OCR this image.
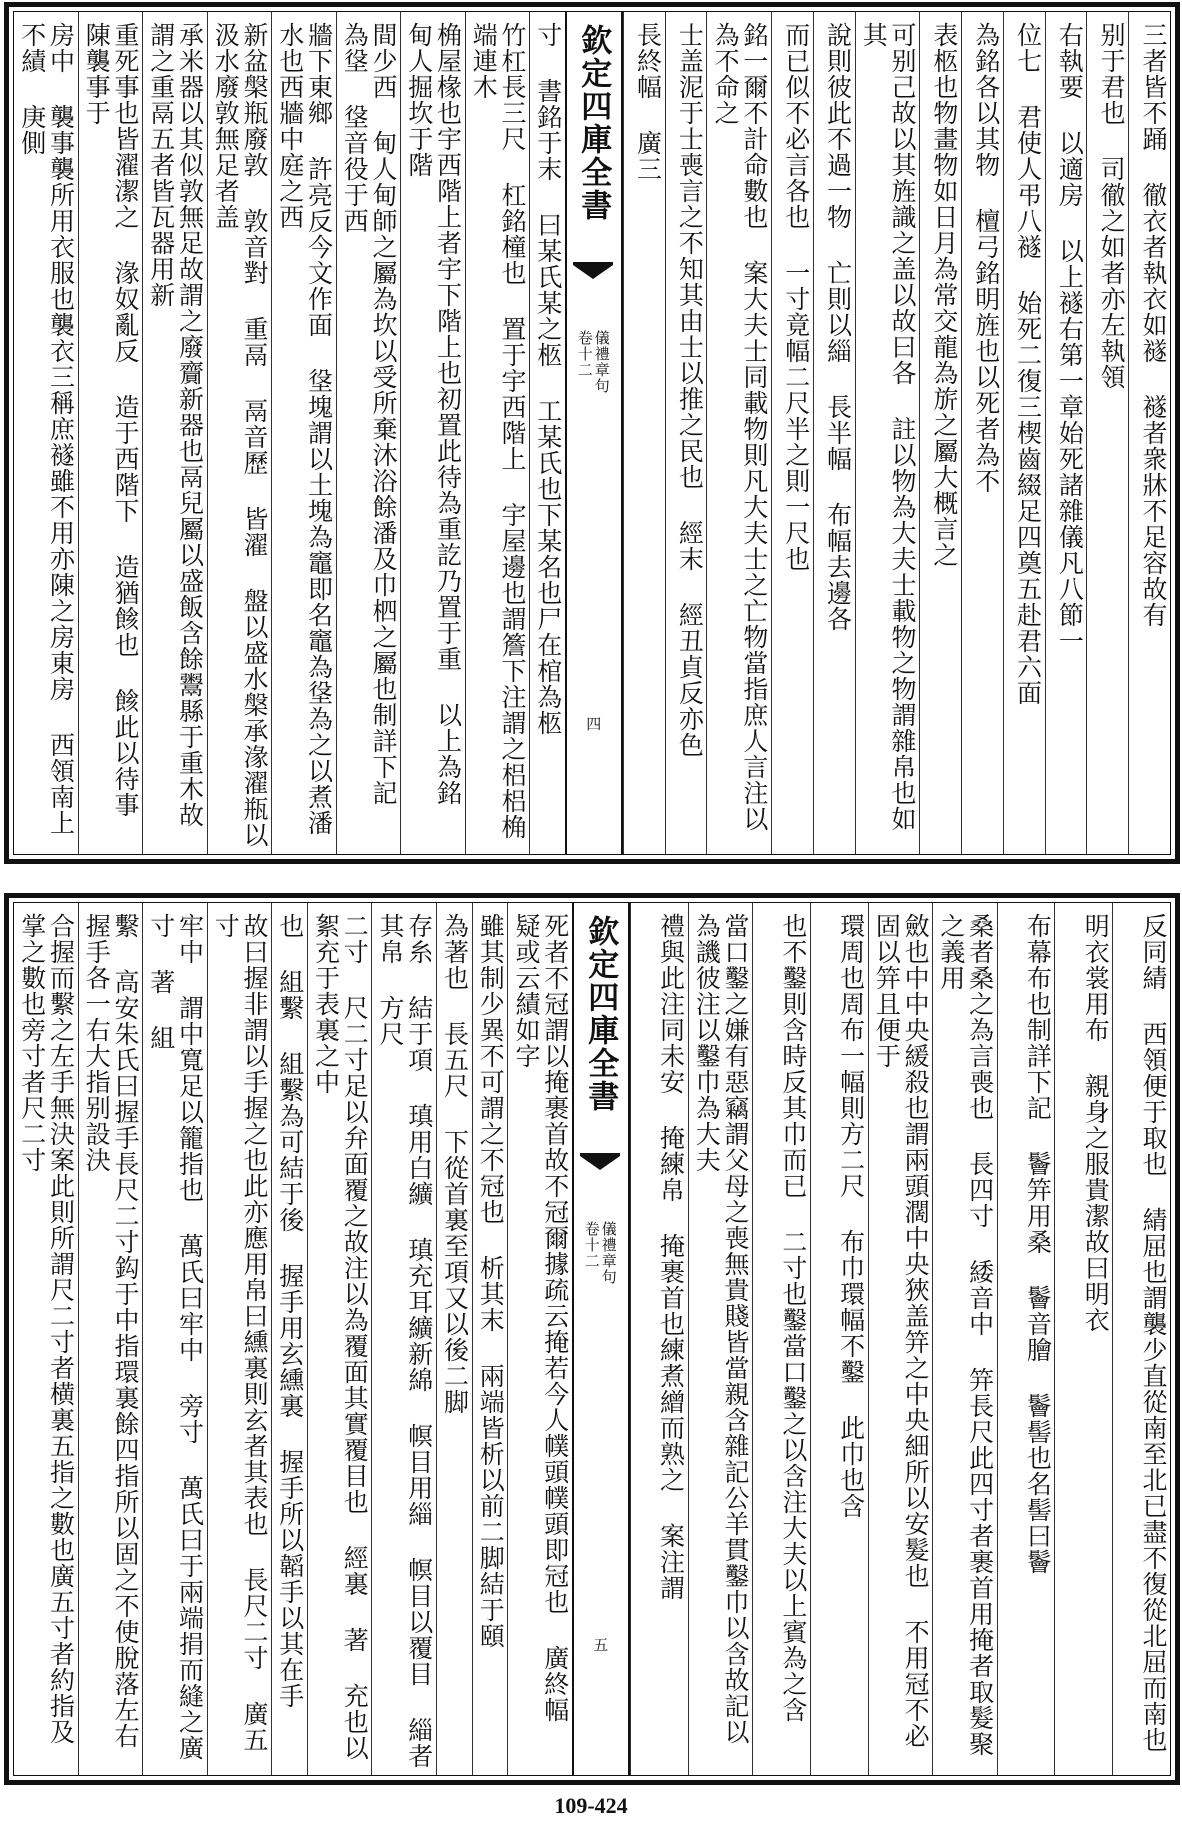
三者皆不踊 徹衣者執衣如襚 襚者衆牀不足容故有
别于君也 司徹之如者亦左執領
右執要 以適房 以上襚右第一章始死諸雜儀凡八節一
位七 君使人弔八襚 始死二復三楔齒綴足四奠五赴君六面
為銘各以其物 檀弓銘明旌也以死者為不
表柩也物畫物如日月為常交龍為旂之屬大概言之
可别己故以其旌識之盖以故曰各 註以物為大夫士載物之物謂雜帛也如其
說則彼此不過一物 亡則以緇 長半幅 布幅去邊各
而已似不必言各也 一寸竟幅二尺半之則一尺也
銘一爾不計命數也 案大夫士同載物則凡大夫士之亡物當指庶人言注以為不命之
士盖泥于士喪言之不知其由士以推之民也 經末 經丑貞反亦色
長終幅 廣三
欽定四庫全書
儀禮章句
卷十二
四
寸 書銘于末 曰某氏某之柩 工某氏也下某名也尸在棺為柩
竹杠長三尺 杠銘橦也 置于宇西階上 宇屋邊也謂簷下注謂之梠梠桷端連木
桷屋椽也宇西階上者宇下階上也初置此待為重訖乃置于重 以上為銘 甸人掘坎于階
間少西 甸人甸師之屬為坎以受所棄沐浴餘潘及巾柶之屬也制詳下記 為垼 垼音役于西
牆下東鄉 許亮反今文作面 垼塊謂以土塊為竈即名竈為垼為之以煮潘水也西牆中庭之西
新盆槃瓶廢敦 敦音對 重鬲 鬲音歷 皆濯 盤以盛水槃承湪濯瓶以汲水廢敦無足者盖
承米器以其似敦無足故謂之廢齎新器也鬲兒屬以盛飯含餘鬻縣于重木故謂之重鬲五者皆瓦器用新
重死事也皆濯潔之 湪奴亂反 造于西階下 造猶餩也 餩此以待事 陳襲事于
房中 襲事襲所用衣服也襲衣三稱庶襚雖不用亦陳之房東房 西領南上不績 庚側
反同綪 西領便于取也 綪屈也謂襲少直從南至北已盡不復從北屈而南也
明衣裳用布 親身之服貴潔故曰明衣
布幕布也制詳下記 鬠笄用桑 鬠音膾 鬠髻也名髻曰鬠
桑者桑之為言喪也 長四寸 緌音中 笄長尺此四寸者裹首用掩者取髮聚之義用
斂也中中央緩殺也謂兩頭濶中央狹盖笄之中央細所以安髮也 不用冠不必固以笄且便于
環周也周布一幅則方二尺 布巾環幅不鑿 此巾也含
也不鑿則含時反其巾而已 二寸也鑿當口鑿之以含注大夫以上賓為之含
當口鑿之嫌有惡竊謂父母之喪無貴賤皆當親含雜記公羊貫鑿巾以含故記以為譏彼注以鑿巾為大夫
禮與此注同未安 掩練帛 掩裹首也練煮繒而熟之 案注謂
欽定四庫全書
儀禮章句
卷十二
五
死者不冠謂以掩裹首故不冠爾據疏云掩若今人幞頭幞頭即冠也 廣終幅 疑或云績如字
雖其制少異不可謂之不冠也 析其末 兩端皆析以前二脚結于頤
為著也 長五尺 下從首裏至項又以後二脚
存糸 結于項 瑱用白纊 瑱充耳纊新綿 幎目用緇 幎目以覆目 緇者其帛 方尺
二寸 尺二寸足以弁面覆之故注以為覆面其實覆目也 經裏 著 充也以絮充于表裏之中
也 組繫 組繫為可結于後 握手用玄纁裏 握手所以韜手以其在手
故曰握非謂以手握之也此亦應用帛曰纁裏則玄者其表也 長尺二寸 廣五寸
牢中 謂中寬足以籠指也 萬氏曰牢中 旁寸 萬氏曰于兩端捐而縫之廣寸 著 組
繫 高安朱氏曰握手長尺二寸鈎于中指環裏餘四指所以固之不使脫落左右握手各一右大指别設決
合握而繫之左手無決案此則所謂尺二寸者横裏五指之數也廣五寸者約指及掌之數也旁寸者尺二寸
109-424
